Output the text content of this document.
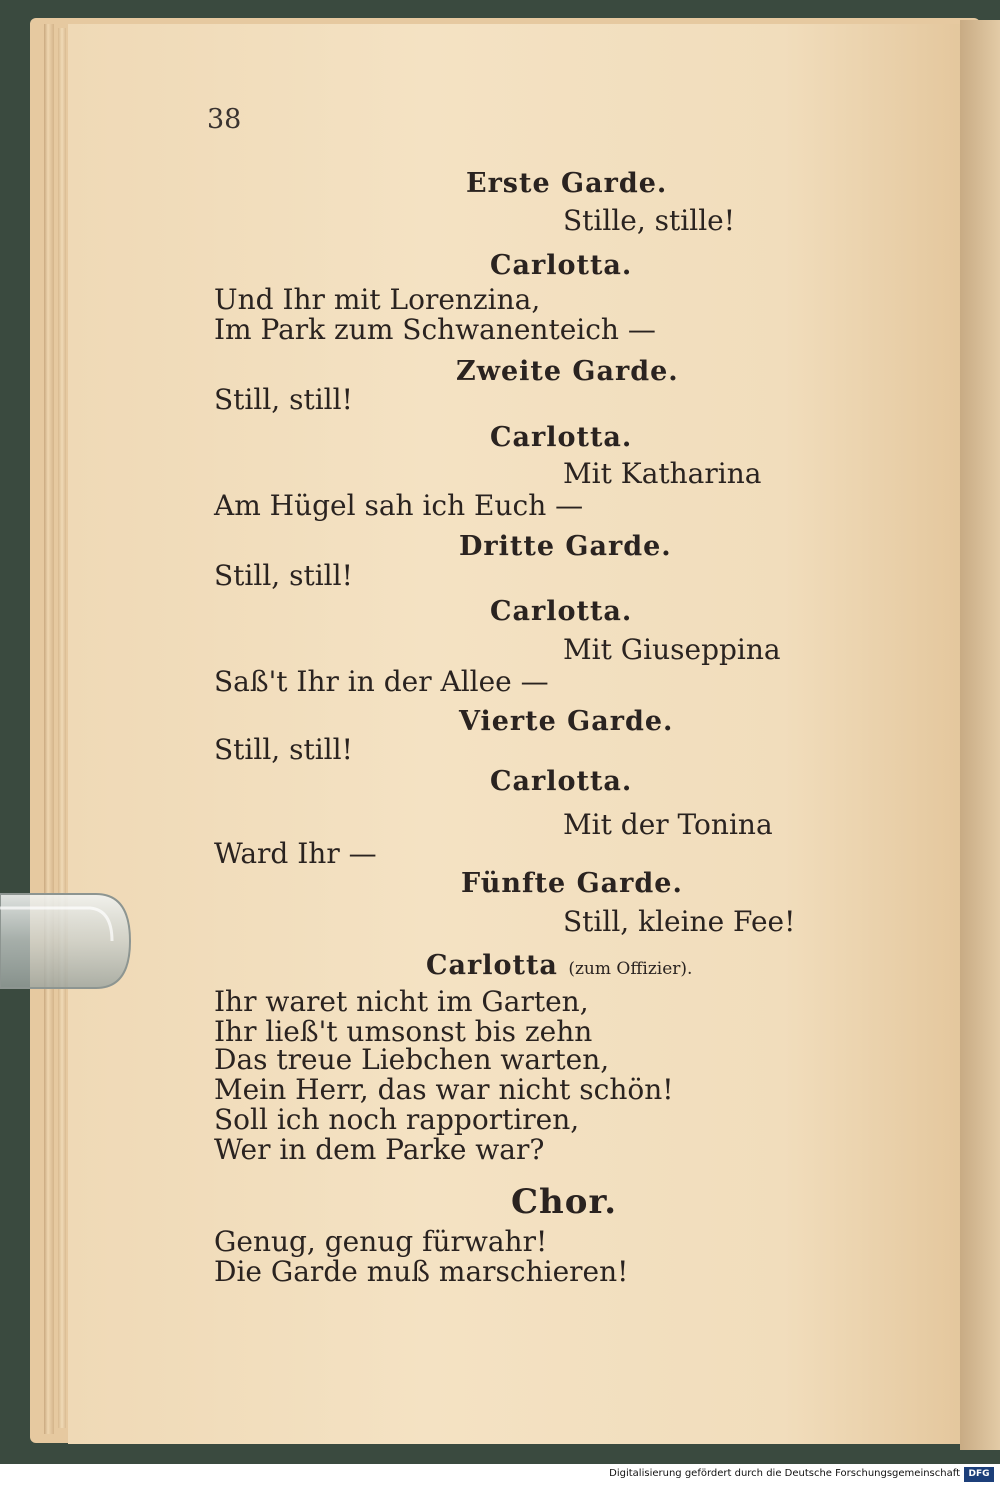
38
Erste Garde.
Stille, stille!
Carlotta.
Und Ihr mit Lorenzina,
Im Park zum Schwanenteich —
Zweite Garde.
Still, still!
Carlotta.
Mit Katharina
Am Hügel sah ich Euch —
Dritte Garde.
Still, still!
Carlotta.
Mit Giuseppina
Saß't Ihr in der Allee —
Vierte Garde.
Still, still!
Carlotta.
Mit der Tonina
Ward Ihr —
Fünfte Garde.
Still, kleine Fee!
Carlotta (zum Offizier).
Ihr waret nicht im Garten,
Ihr ließ't umsonst bis zehn
Das treue Liebchen warten,
Mein Herr, das war nicht schön!
Soll ich noch rapportiren,
Wer in dem Parke war?
Chor.
Genug, genug fürwahr!
Die Garde muß marschieren!
Digitalisierung gefördert durch die Deutsche Forschungsgemeinschaft DFG
